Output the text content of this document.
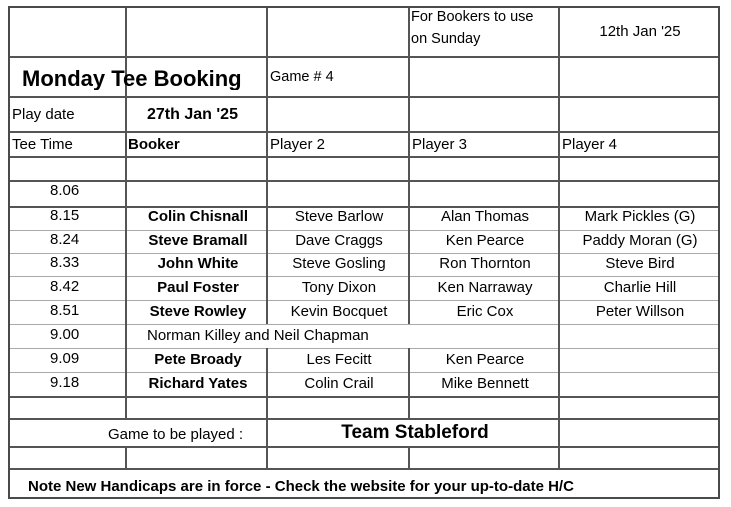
For Bookers to use
on Sunday	12th Jan '25
Monday Tee Booking	Game # 4
Play date	27th Jan '25
Tee Time	Booker	Player 2	Player 3	Player 4
8.06
8.15	Colin Chisnall	Steve Barlow	Alan Thomas	Mark Pickles (G)
8.24	Steve Bramall	Dave Craggs	Ken Pearce	Paddy Moran (G)
8.33	John White	Steve Gosling	Ron Thornton	Steve Bird
8.42	Paul Foster	Tony Dixon	Ken Narraway	Charlie Hill
8.51	Steve Rowley	Kevin Bocquet	Eric Cox	Peter Willson
9.00	Norman Killey and Neil Chapman
9.09	Pete Broady	Les Fecitt	Ken Pearce
9.18	Richard Yates	Colin Crail	Mike Bennett
Game to be played :	Team Stableford
Note New Handicaps are in force - Check the website for your up-to-date H/C
